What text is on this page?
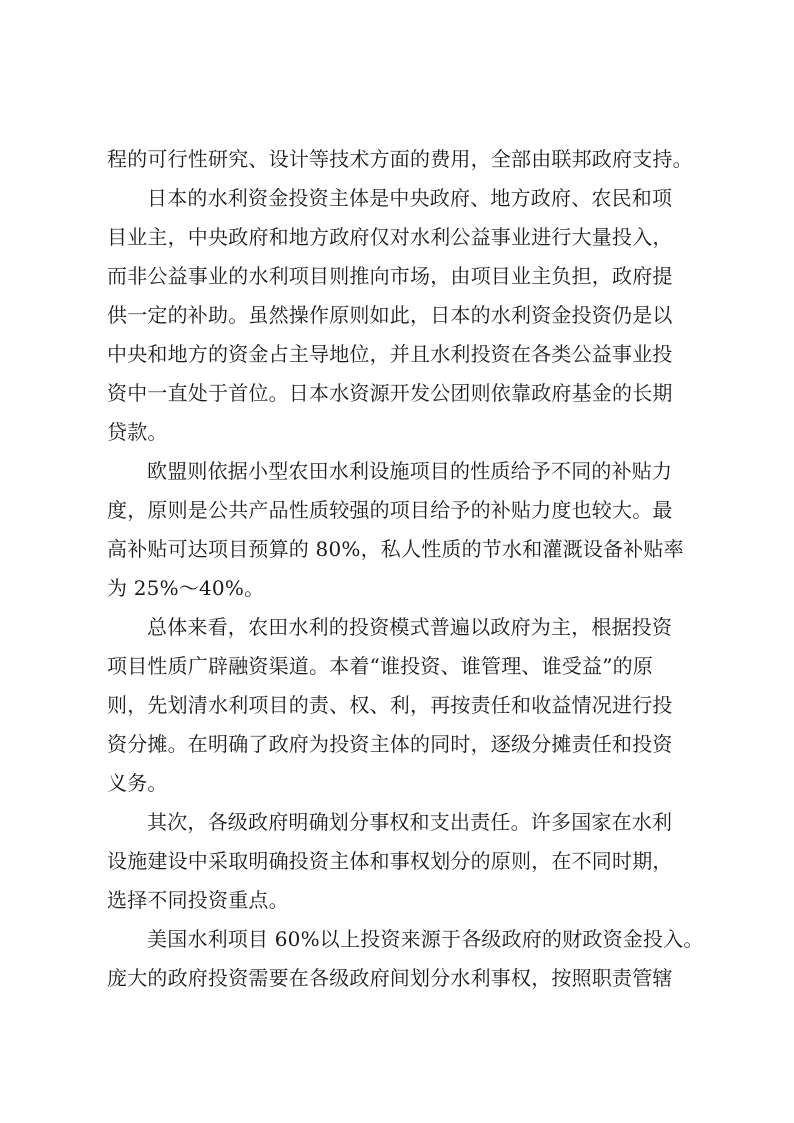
程的可行性研究、设计等技术方面的费用，全部由联邦政府支持。
日本的水利资金投资主体是中央政府、地方政府、农民和项
目业主，中央政府和地方政府仅对水利公益事业进行大量投入，
而非公益事业的水利项目则推向市场，由项目业主负担，政府提
供一定的补助。虽然操作原则如此，日本的水利资金投资仍是以
中央和地方的资金占主导地位，并且水利投资在各类公益事业投
资中一直处于首位。日本水资源开发公团则依靠政府基金的长期
贷款。
欧盟则依据小型农田水利设施项目的性质给予不同的补贴力
度，原则是公共产品性质较强的项目给予的补贴力度也较大。最
高补贴可达项目预算的 80%，私人性质的节水和灌溉设备补贴率
为 25%～40%。
总体来看，农田水利的投资模式普遍以政府为主，根据投资
项目性质广辟融资渠道。本着“谁投资、谁管理、谁受益”的原
则，先划清水利项目的责、权、利，再按责任和收益情况进行投
资分摊。在明确了政府为投资主体的同时，逐级分摊责任和投资
义务。
其次，各级政府明确划分事权和支出责任。许多国家在水利
设施建设中采取明确投资主体和事权划分的原则，在不同时期，
选择不同投资重点。
美国水利项目 60%以上投资来源于各级政府的财政资金投入。
庞大的政府投资需要在各级政府间划分水利事权，按照职责管辖
